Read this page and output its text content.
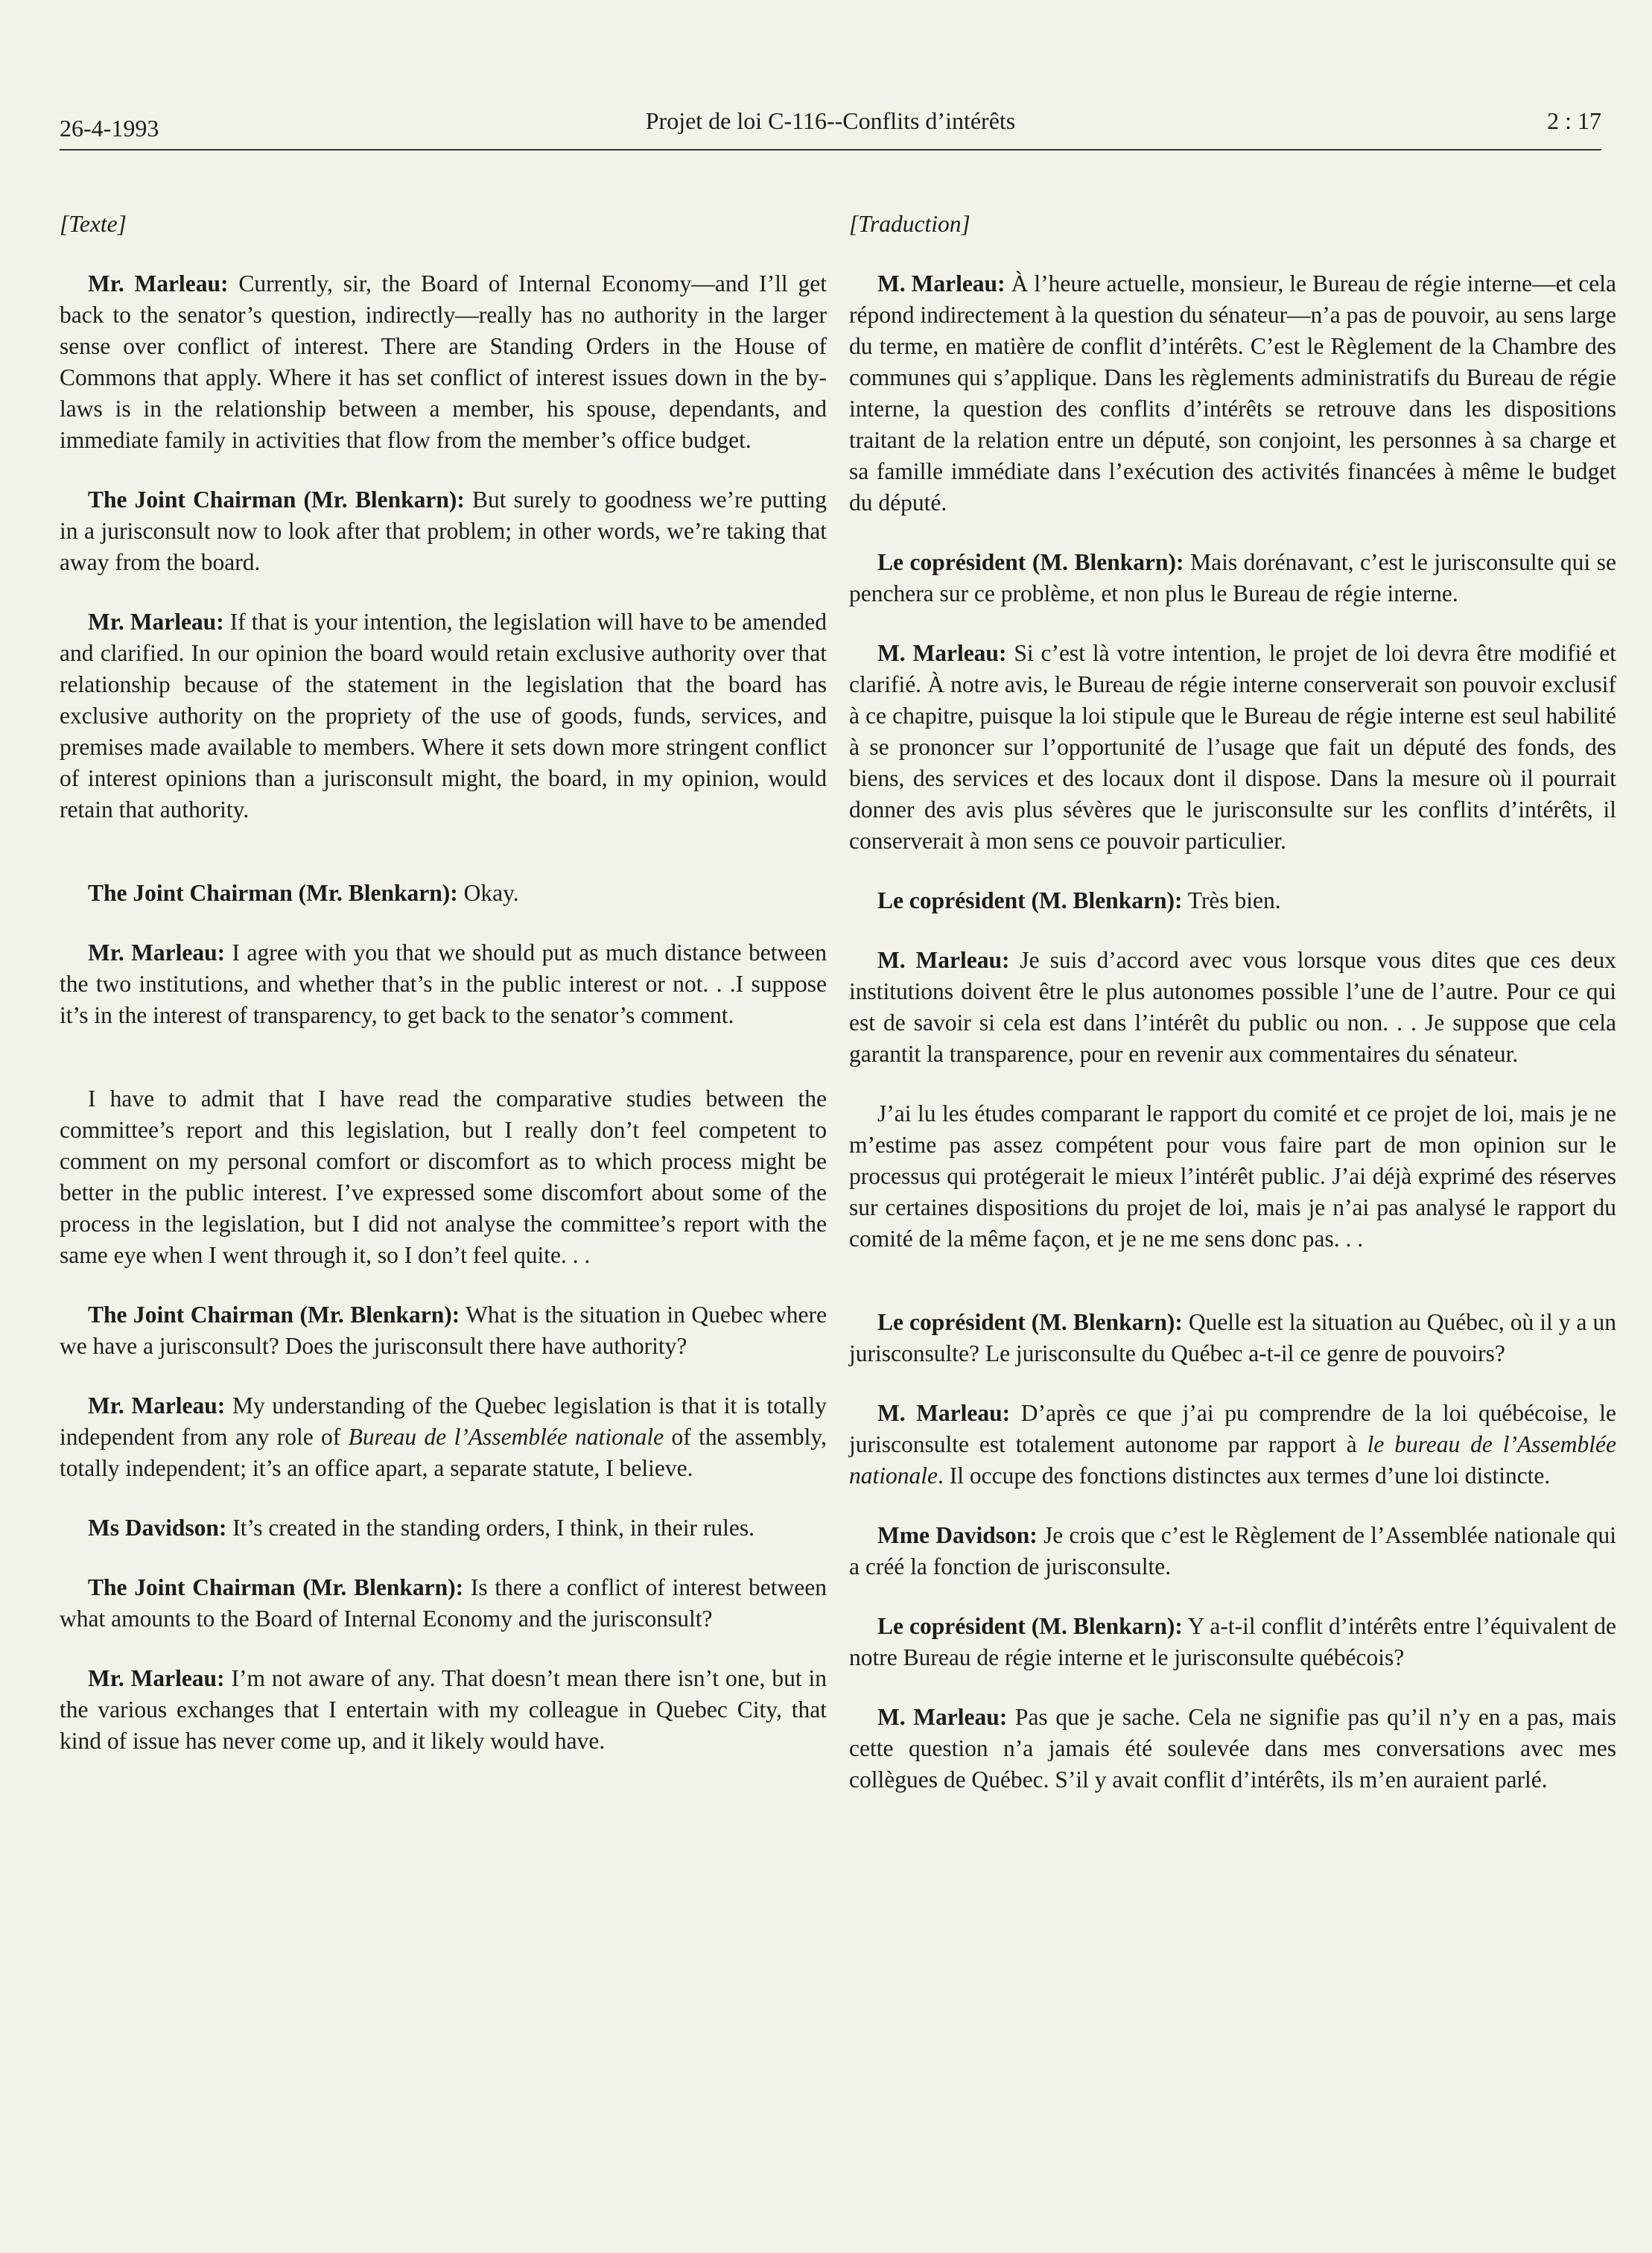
26-4-1993	Projet de loi C-116--Conflits d’intérêts	2 : 17
[Texte]

Mr. Marleau: Currently, sir, the Board of Internal Economy—and I’ll get back to the senator’s question, indirectly—really has no authority in the larger sense over conflict of interest. There are Standing Orders in the House of Commons that apply. Where it has set conflict of interest issues down in the by-laws is in the relationship between a member, his spouse, dependants, and immediate family in activities that flow from the member’s office budget.

The Joint Chairman (Mr. Blenkarn): But surely to goodness we’re putting in a jurisconsult now to look after that problem; in other words, we’re taking that away from the board.

Mr. Marleau: If that is your intention, the legislation will have to be amended and clarified. In our opinion the board would retain exclusive authority over that relationship because of the statement in the legislation that the board has exclusive authority on the propriety of the use of goods, funds, services, and premises made available to members. Where it sets down more stringent conflict of interest opinions than a jurisconsult might, the board, in my opinion, would retain that authority.

The Joint Chairman (Mr. Blenkarn): Okay.

Mr. Marleau: I agree with you that we should put as much distance between the two institutions, and whether that’s in the public interest or not. . .I suppose it’s in the interest of transparency, to get back to the senator’s comment.

I have to admit that I have read the comparative studies between the committee’s report and this legislation, but I really don’t feel competent to comment on my personal comfort or discomfort as to which process might be better in the public interest. I’ve expressed some discomfort about some of the process in the legislation, but I did not analyse the committee’s report with the same eye when I went through it, so I don’t feel quite. . .

The Joint Chairman (Mr. Blenkarn): What is the situation in Quebec where we have a jurisconsult? Does the jurisconsult there have authority?

Mr. Marleau: My understanding of the Quebec legislation is that it is totally independent from any role of Bureau de l’Assemblée nationale of the assembly, totally independent; it’s an office apart, a separate statute, I believe.

Ms Davidson: It’s created in the standing orders, I think, in their rules.

The Joint Chairman (Mr. Blenkarn): Is there a conflict of interest between what amounts to the Board of Internal Economy and the jurisconsult?

Mr. Marleau: I’m not aware of any. That doesn’t mean there isn’t one, but in the various exchanges that I entertain with my colleague in Quebec City, that kind of issue has never come up, and it likely would have.

[Traduction]

M. Marleau: À l’heure actuelle, monsieur, le Bureau de régie interne—et cela répond indirectement à la question du sénateur—n’a pas de pouvoir, au sens large du terme, en matière de conflit d’intérêts. C’est le Règlement de la Chambre des communes qui s’applique. Dans les règlements administratifs du Bureau de régie interne, la question des conflits d’intérêts se retrouve dans les dispositions traitant de la relation entre un député, son conjoint, les personnes à sa charge et sa famille immédiate dans l’exécution des activités financées à même le budget du député.

Le coprésident (M. Blenkarn): Mais dorénavant, c’est le jurisconsulte qui se penchera sur ce problème, et non plus le Bureau de régie interne.

M. Marleau: Si c’est là votre intention, le projet de loi devra être modifié et clarifié. À notre avis, le Bureau de régie interne conserverait son pouvoir exclusif à ce chapitre, puisque la loi stipule que le Bureau de régie interne est seul habilité à se prononcer sur l’opportunité de l’usage que fait un député des fonds, des biens, des services et des locaux dont il dispose. Dans la mesure où il pourrait donner des avis plus sévères que le jurisconsulte sur les conflits d’intérêts, il conserverait à mon sens ce pouvoir particulier.

Le coprésident (M. Blenkarn): Très bien.

M. Marleau: Je suis d’accord avec vous lorsque vous dites que ces deux institutions doivent être le plus autonomes possible l’une de l’autre. Pour ce qui est de savoir si cela est dans l’intérêt du public ou non. . . Je suppose que cela garantit la transparence, pour en revenir aux commentaires du sénateur.

J’ai lu les études comparant le rapport du comité et ce projet de loi, mais je ne m’estime pas assez compétent pour vous faire part de mon opinion sur le processus qui protégerait le mieux l’intérêt public. J’ai déjà exprimé des réserves sur certaines dispositions du projet de loi, mais je n’ai pas analysé le rapport du comité de la même façon, et je ne me sens donc pas. . .

Le coprésident (M. Blenkarn): Quelle est la situation au Québec, où il y a un jurisconsulte? Le jurisconsulte du Québec a-t-il ce genre de pouvoirs?

M. Marleau: D’après ce que j’ai pu comprendre de la loi québécoise, le jurisconsulte est totalement autonome par rapport à le bureau de l’Assemblée nationale. Il occupe des fonctions distinctes aux termes d’une loi distincte.

Mme Davidson: Je crois que c’est le Règlement de l’Assemblée nationale qui a créé la fonction de jurisconsulte.

Le coprésident (M. Blenkarn): Y a-t-il conflit d’intérêts entre l’équivalent de notre Bureau de régie interne et le jurisconsulte québécois?

M. Marleau: Pas que je sache. Cela ne signifie pas qu’il n’y en a pas, mais cette question n’a jamais été soulevée dans mes conversations avec mes collègues de Québec. S’il y avait conflit d’intérêts, ils m’en auraient parlé.
